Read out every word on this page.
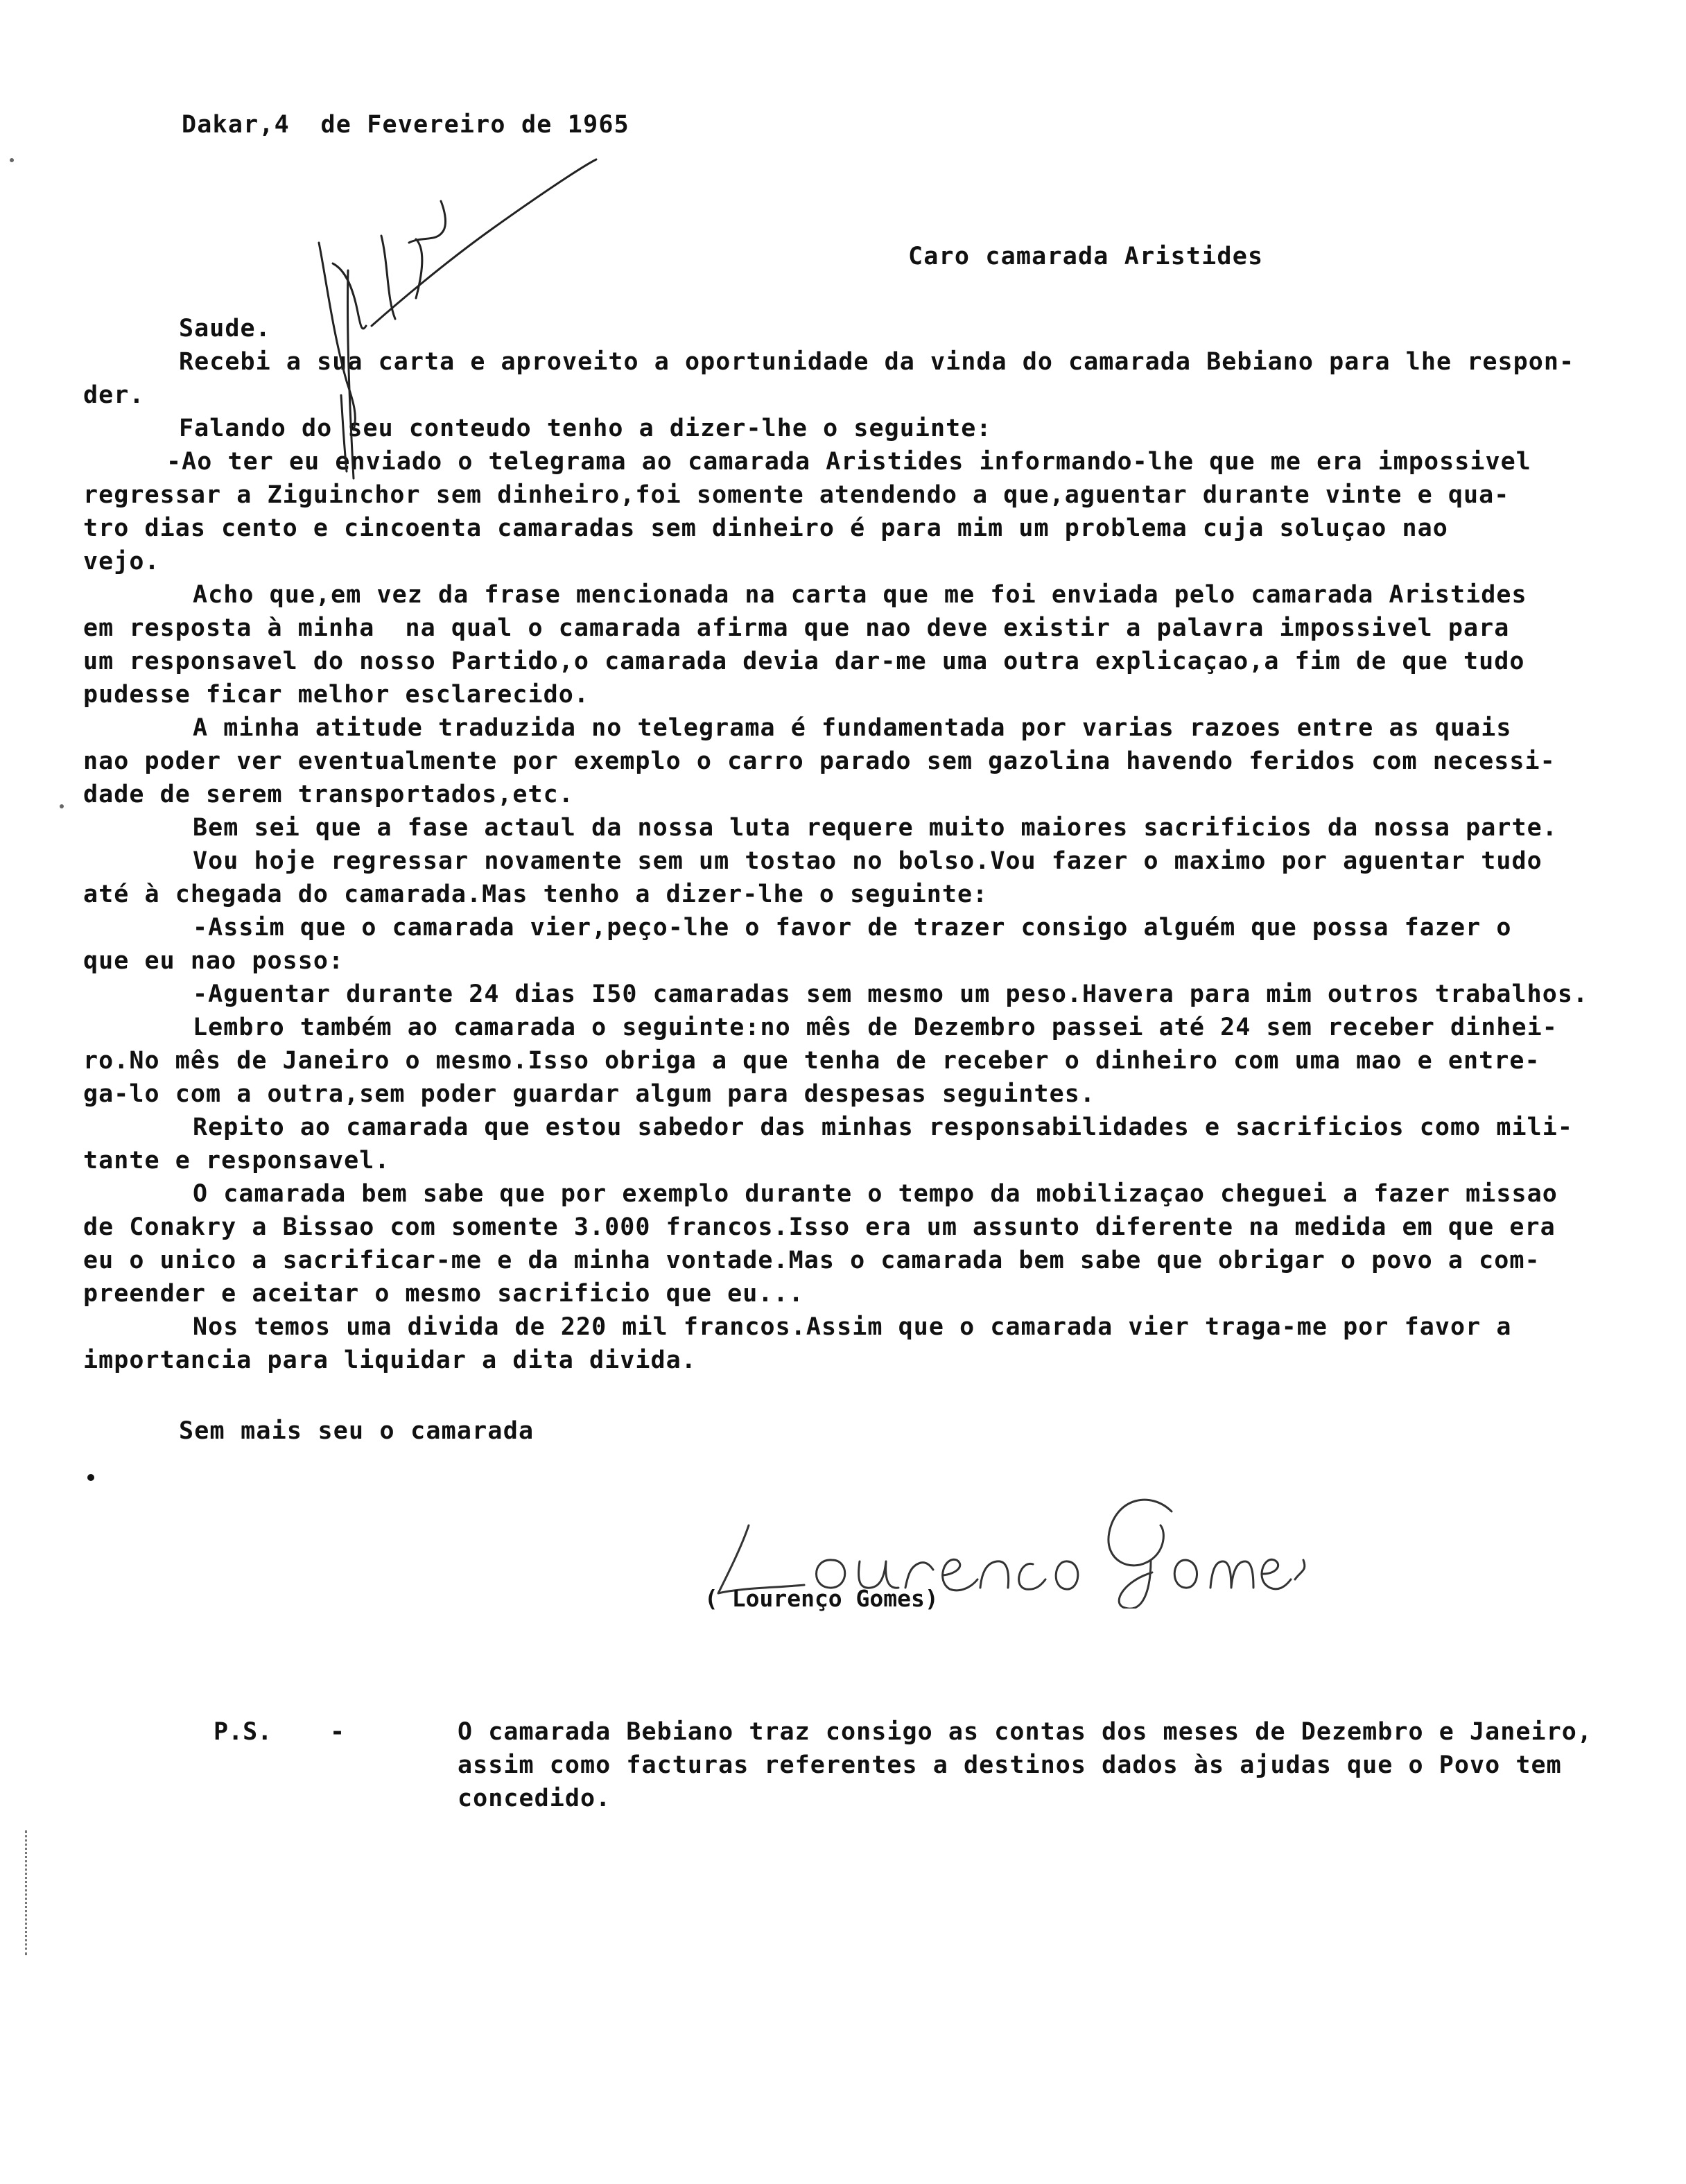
Dakar,4  de Fevereiro de 1965
Caro camarada Aristides

Saude.

Recebi a sua carta e aproveito a oportunidade da vinda do camarada Bebiano para lhe respon-
der.

Falando do seu conteudo tenho a dizer-lhe o seguinte:

-Ao ter eu enviado o telegrama ao camarada Aristides informando-lhe que me era impossivel
regressar a Ziguinchor sem dinheiro,foi somente atendendo a que,aguentar durante vinte e qua-
tro dias cento e cincoenta camaradas sem dinheiro é para mim um problema cuja soluçao nao
vejo.

Acho que,em vez da frase mencionada na carta que me foi enviada pelo camarada Aristides
em resposta à minha  na qual o camarada afirma que nao deve existir a palavra impossivel para
um responsavel do nosso Partido,o camarada devia dar-me uma outra explicaçao,a fim de que tudo
pudesse ficar melhor esclarecido.

A minha atitude traduzida no telegrama é fundamentada por varias razoes entre as quais
nao poder ver eventualmente por exemplo o carro parado sem gazolina havendo feridos com necessi-
dade de serem transportados,etc.

Bem sei que a fase actaul da nossa luta requere muito maiores sacrificios da nossa parte.

Vou hoje regressar novamente sem um tostao no bolso.Vou fazer o maximo por aguentar tudo
até à chegada do camarada.Mas tenho a dizer-lhe o seguinte:

-Assim que o camarada vier,peço-lhe o favor de trazer consigo alguém que possa fazer o
que eu nao posso:

-Aguentar durante 24 dias I50 camaradas sem mesmo um peso.Havera para mim outros trabalhos.

Lembro também ao camarada o seguinte:no mês de Dezembro passei até 24 sem receber dinhei-
ro.No mês de Janeiro o mesmo.Isso obriga a que tenha de receber o dinheiro com uma mao e entre-
ga-lo com a outra,sem poder guardar algum para despesas seguintes.

Repito ao camarada que estou sabedor das minhas responsabilidades e sacrificios como mili-
tante e responsavel.

O camarada bem sabe que por exemplo durante o tempo da mobilizaçao cheguei a fazer missao
de Conakry a Bissao com somente 3.000 francos.Isso era um assunto diferente na medida em que era
eu o unico a sacrificar-me e da minha vontade.Mas o camarada bem sabe que obrigar o povo a com-
preender e aceitar o mesmo sacrificio que eu...

Nos temos uma divida de 220 mil francos.Assim que o camarada vier traga-me por favor a
importancia para liquidar a dita divida.

Sem mais seu o camarada
( Lourenço Gomes)
P.S. -	O camarada Bebiano traz consigo as contas dos meses de Dezembro e Janeiro,
assim como facturas referentes a destinos dados às ajudas que o Povo tem
concedido.
